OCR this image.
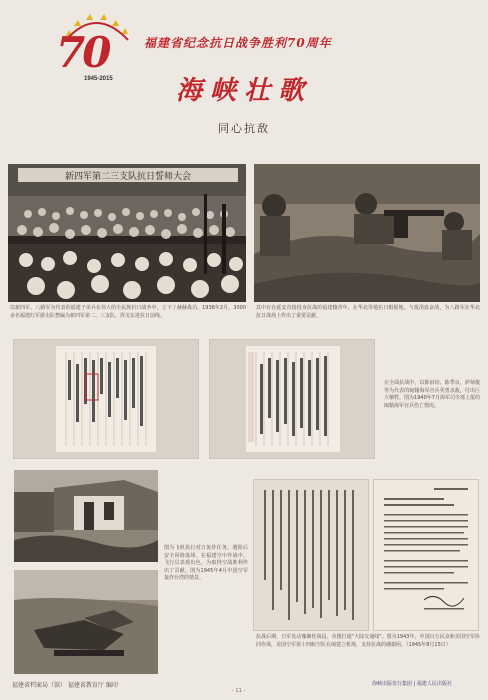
70
1945-2015
福建省纪念抗日战争胜利70周年
海峡壮歌
同心抗敌
新四军第二三支队抗日誓师大会
以新四军、八路军为代表的福建子弟兵在伟大的全民族抗日战争中，立下了赫赫战功。1938年2月，3000多名福建红军游击队整编为新四军第二、三支队，挥戈东进抗日前线。
其中有在延安直接投身抗战的福建籍青年，在华北等地抗日根据地，与敌浴血奋战，为八路军在华北抗日战场上作出了重要贡献。
在全面抗战中，以陈佰钧、陈季良、萨师俊等为代表的闽籍海军官兵英勇杀敌，付出巨大牺牲。图为1940年7月海军司令部上报的闽籍海军官兵伤亡情况。
图为飞机执行对日轰炸任务。遇险后安全回降落场。在福建空中作战中，飞行员表现出色，为取得空战胜利作出了贡献。图为1945年4月中国空军轰炸台湾的情景。
抗战后期，日军发动豫湘桂战役，企图打通"大陆交通线"。图为1943年，中国百万民众和美国空军协同作战，美国空军第十四航空队在闽建立机场，支持抗战的感谢函。（1945年8月15日）
福建省档案局（馆） 福建省教育厅 编印
- 11 -
海峡出版发行集团 | 福建人民出版社
